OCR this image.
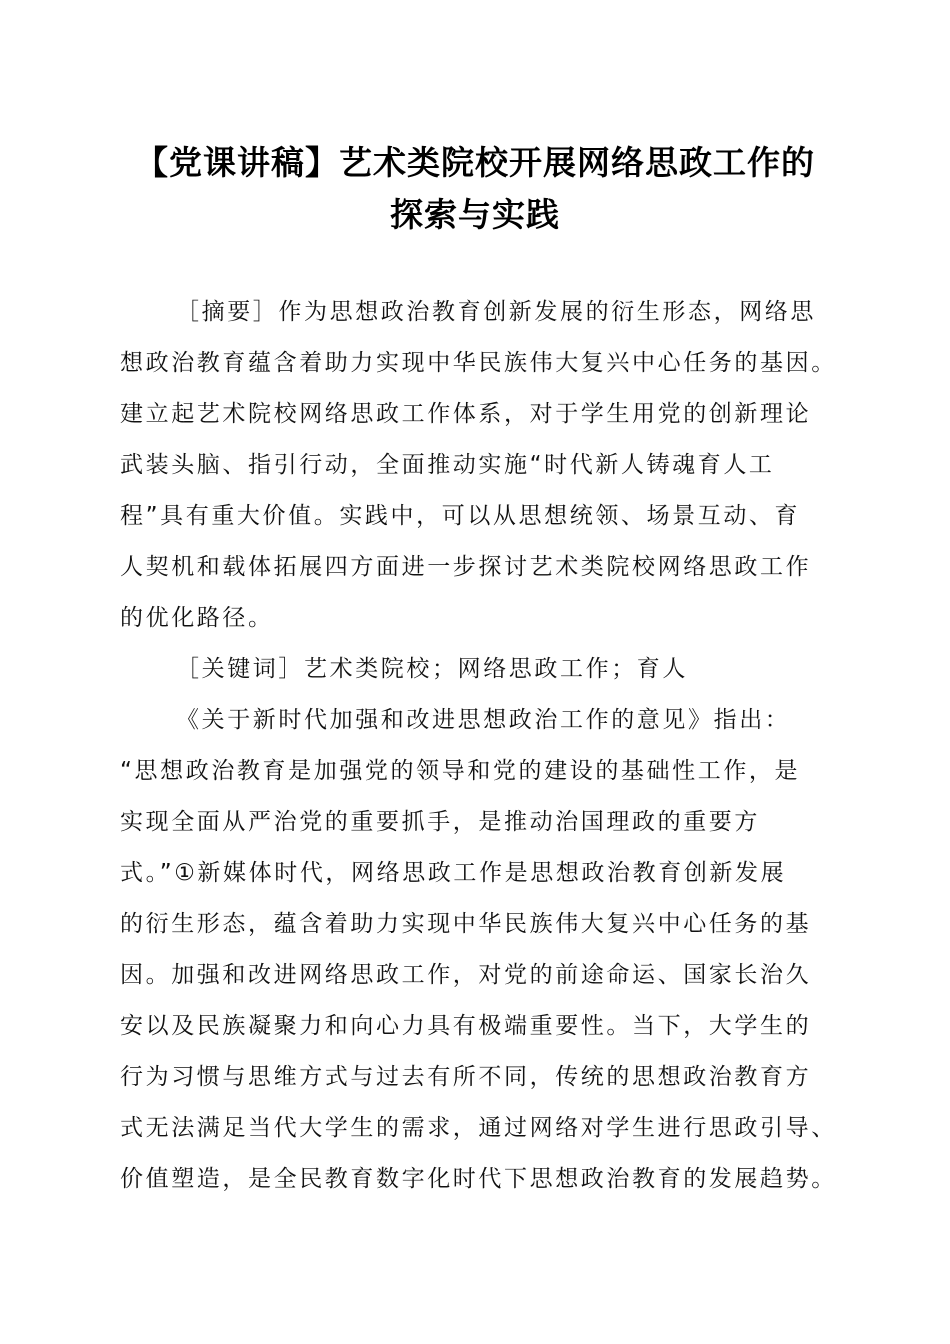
【党课讲稿】艺术类院校开展网络思政工作的
探索与实践
［摘要］作为思想政治教育创新发展的衍生形态，网络思
想政治教育蕴含着助力实现中华民族伟大复兴中心任务的基因。
建立起艺术院校网络思政工作体系，对于学生用党的创新理论
武装头脑、指引行动，全面推动实施“时代新人铸魂育人工
程”具有重大价值。实践中，可以从思想统领、场景互动、育
人契机和载体拓展四方面进一步探讨艺术类院校网络思政工作
的优化路径。
［关键词］艺术类院校；网络思政工作；育人
《关于新时代加强和改进思想政治工作的意见》指出：
“思想政治教育是加强党的领导和党的建设的基础性工作，是
实现全面从严治党的重要抓手，是推动治国理政的重要方
式。”①新媒体时代，网络思政工作是思想政治教育创新发展
的衍生形态，蕴含着助力实现中华民族伟大复兴中心任务的基
因。加强和改进网络思政工作，对党的前途命运、国家长治久
安以及民族凝聚力和向心力具有极端重要性。当下，大学生的
行为习惯与思维方式与过去有所不同，传统的思想政治教育方
式无法满足当代大学生的需求，通过网络对学生进行思政引导、
价值塑造，是全民教育数字化时代下思想政治教育的发展趋势。
